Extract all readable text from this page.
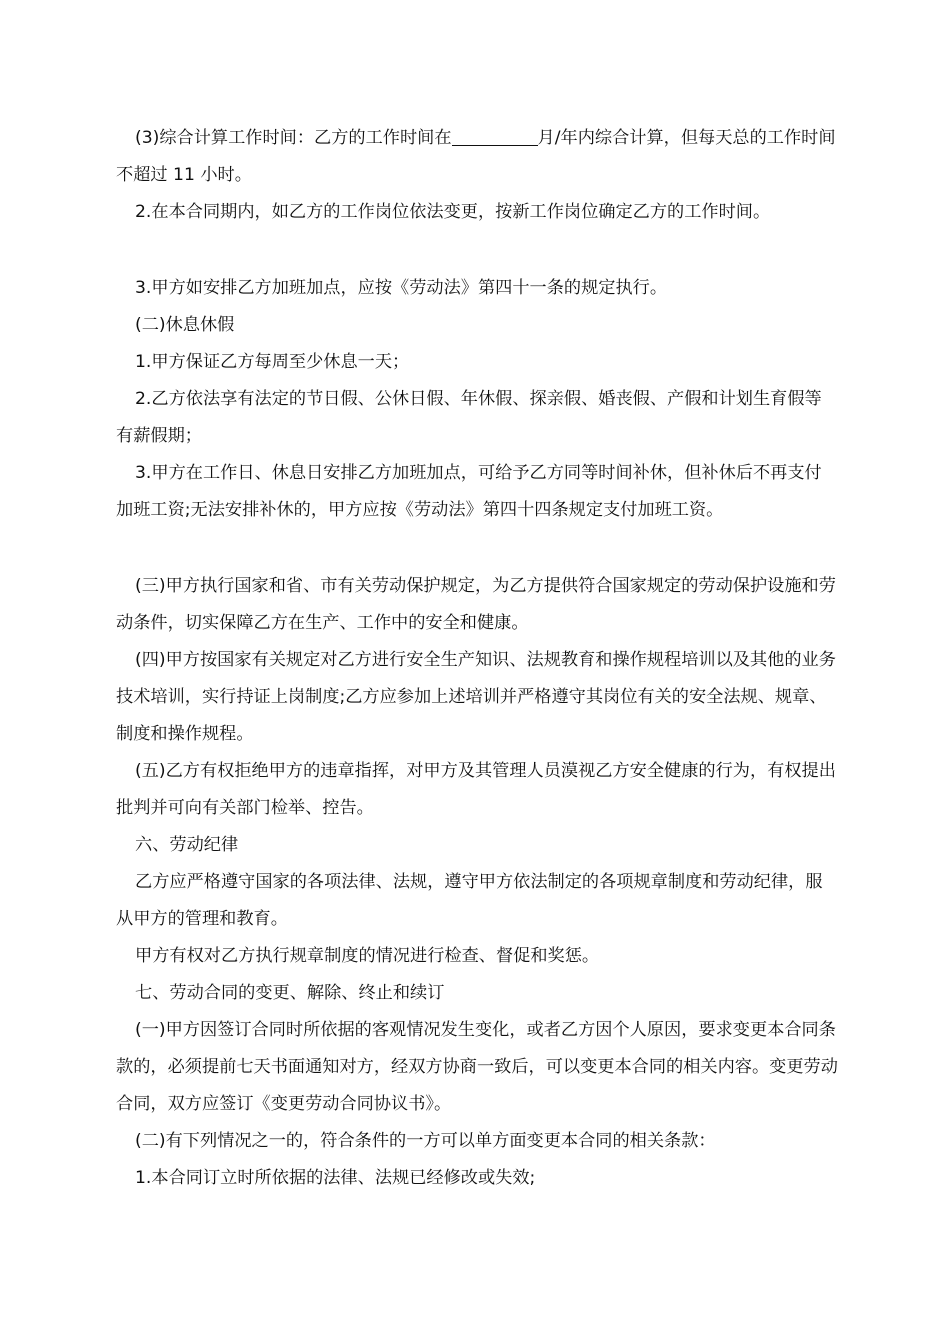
(3)综合计算工作时间：乙方的工作时间在	月/年内综合计算，但每天总的工作时间不超过 11 小时。

2.在本合同期内，如乙方的工作岗位依法变更，按新工作岗位确定乙方的工作时间。

3.甲方如安排乙方加班加点，应按《劳动法》第四十一条的规定执行。

(二)休息休假

1.甲方保证乙方每周至少休息一天；

2.乙方依法享有法定的节日假、公休日假、年休假、探亲假、婚丧假、产假和计划生育假等有薪假期；

3.甲方在工作日、休息日安排乙方加班加点，可给予乙方同等时间补休，但补休后不再支付加班工资;无法安排补休的，甲方应按《劳动法》第四十四条规定支付加班工资。

(三)甲方执行国家和省、市有关劳动保护规定，为乙方提供符合国家规定的劳动保护设施和劳动条件，切实保障乙方在生产、工作中的安全和健康。

(四)甲方按国家有关规定对乙方进行安全生产知识、法规教育和操作规程培训以及其他的业务技术培训，实行持证上岗制度;乙方应参加上述培训并严格遵守其岗位有关的安全法规、规章、制度和操作规程。

(五)乙方有权拒绝甲方的违章指挥，对甲方及其管理人员漠视乙方安全健康的行为，有权提出批判并可向有关部门检举、控告。

六、劳动纪律

乙方应严格遵守国家的各项法律、法规，遵守甲方依法制定的各项规章制度和劳动纪律，服从甲方的管理和教育。

甲方有权对乙方执行规章制度的情况进行检查、督促和奖惩。

七、劳动合同的变更、解除、终止和续订

(一)甲方因签订合同时所依据的客观情况发生变化，或者乙方因个人原因，要求变更本合同条款的，必须提前七天书面通知对方，经双方协商一致后，可以变更本合同的相关内容。变更劳动合同，双方应签订《变更劳动合同协议书》。

(二)有下列情况之一的，符合条件的一方可以单方面变更本合同的相关条款：

1.本合同订立时所依据的法律、法规已经修改或失效;
